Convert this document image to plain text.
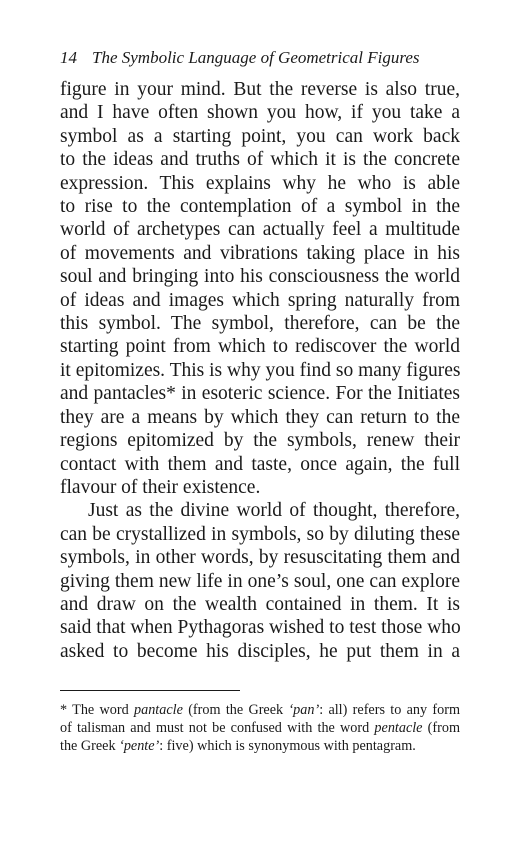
14 The Symbolic Language of Geometrical Figures
figure in your mind. But the reverse is also true,
and I have often shown you how, if you take a
symbol as a starting point, you can work back
to the ideas and truths of which it is the concrete
expression. This explains why he who is able
to rise to the contemplation of a symbol in the
world of archetypes can actually feel a multitude
of movements and vibrations taking place in his
soul and bringing into his consciousness the world
of ideas and images which spring naturally from
this symbol. The symbol, therefore, can be the
starting point from which to rediscover the world
it epitomizes. This is why you find so many figures
and pantacles* in esoteric science. For the Initiates
they are a means by which they can return to the
regions epitomized by the symbols, renew their
contact with them and taste, once again, the full
flavour of their existence.
Just as the divine world of thought, therefore,
can be crystallized in symbols, so by diluting these
symbols, in other words, by resuscitating them and
giving them new life in one’s soul, one can explore
and draw on the wealth contained in them. It is
said that when Pythagoras wished to test those who
asked to become his disciples, he put them in a
* The word pantacle (from the Greek ‘pan’: all) refers to any form
of talisman and must not be confused with the word pentacle (from
the Greek ‘pente’: five) which is synonymous with pentagram.
